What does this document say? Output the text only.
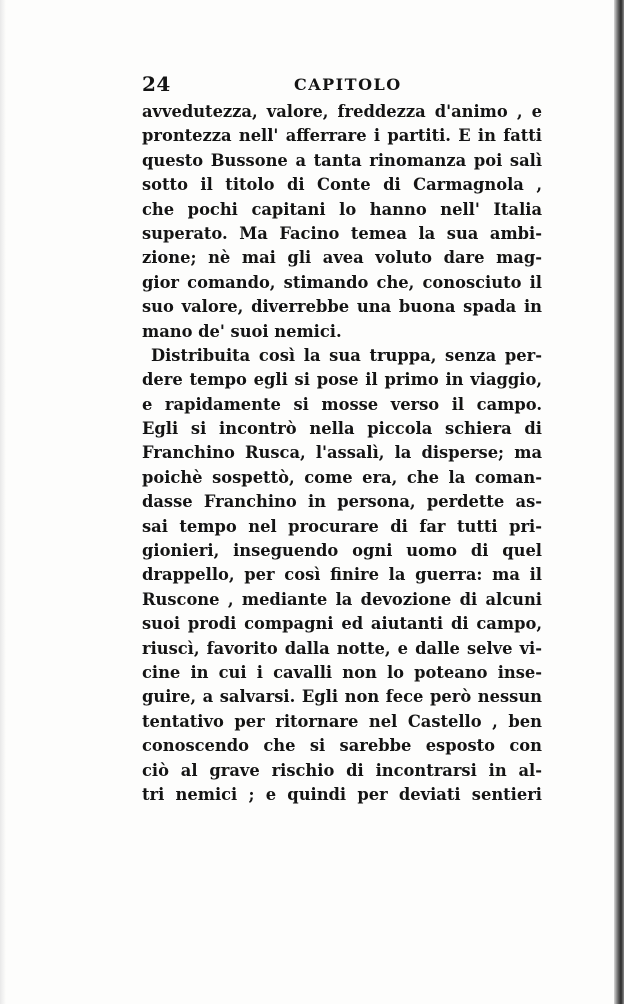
24	CAPITOLO
avvedutezza, valore, freddezza d'animo , e
prontezza nell' afferrare i partiti. E in fatti
questo Bussone a tanta rinomanza poi salì
sotto il titolo di Conte di Carmagnola ,
che pochi capitani lo hanno nell' Italia
superato. Ma Facino temea la sua ambi-
zione; nè mai gli avea voluto dare mag-
gior comando, stimando che, conosciuto il
suo valore, diverrebbe una buona spada in
mano de' suoi nemici.
Distribuita così la sua truppa, senza per-
dere tempo egli si pose il primo in viaggio,
e rapidamente si mosse verso il campo.
Egli si incontrò nella piccola schiera di
Franchino Rusca, l'assalì, la disperse; ma
poichè sospettò, come era, che la coman-
dasse Franchino in persona, perdette as-
sai tempo nel procurare di far tutti pri-
gionieri, inseguendo ogni uomo di quel
drappello, per così finire la guerra: ma il
Ruscone , mediante la devozione di alcuni
suoi prodi compagni ed aiutanti di campo,
riuscì, favorito dalla notte, e dalle selve vi-
cine in cui i cavalli non lo poteano inse-
guire, a salvarsi. Egli non fece però nessun
tentativo per ritornare nel Castello , ben
conoscendo che si sarebbe esposto con
ciò al grave rischio di incontrarsi in al-
tri nemici ; e quindi per deviati sentieri
